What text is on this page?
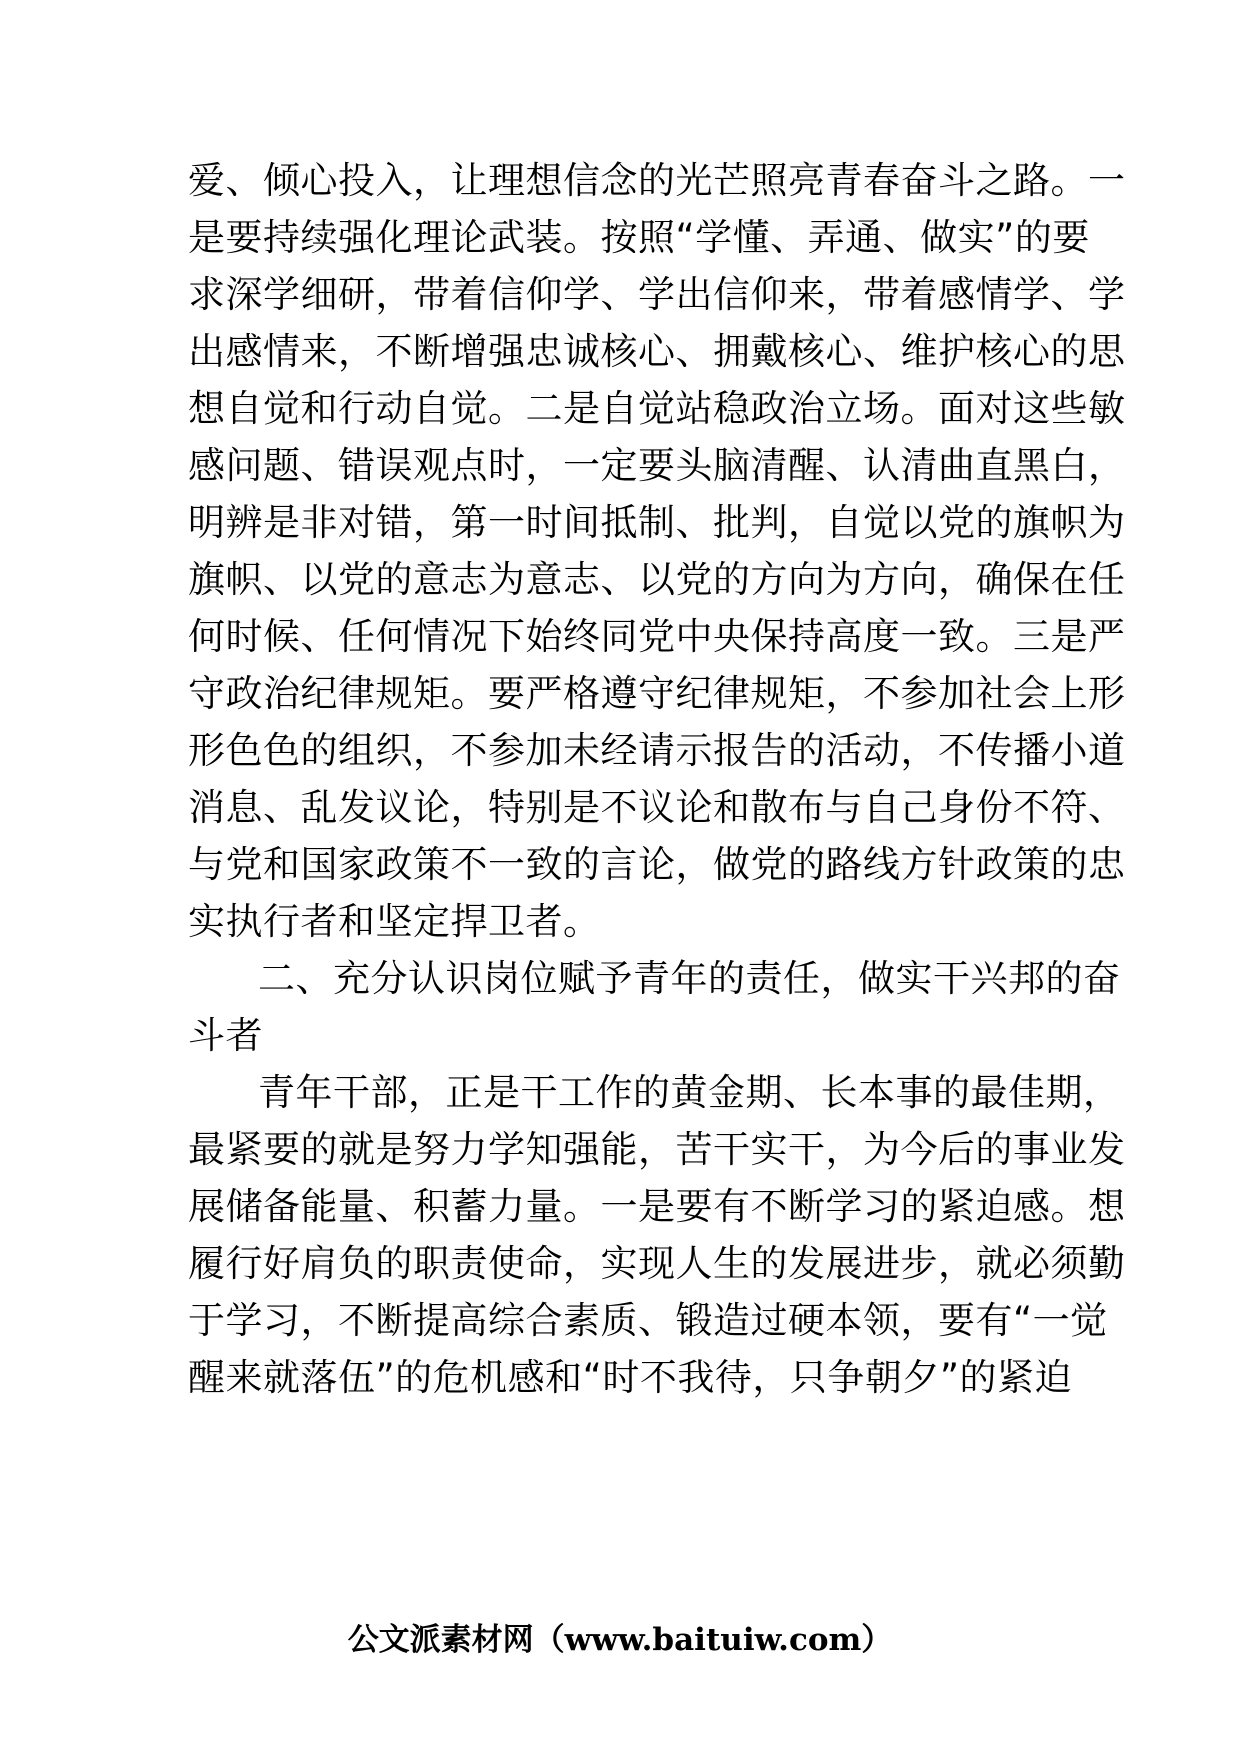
爱、倾心投入，让理想信念的光芒照亮青春奋斗之路。一
是要持续强化理论武装。按照“学懂、弄通、做实”的要
求深学细研，带着信仰学、学出信仰来，带着感情学、学
出感情来，不断增强忠诚核心、拥戴核心、维护核心的思
想自觉和行动自觉。二是自觉站稳政治立场。面对这些敏
感问题、错误观点时，一定要头脑清醒、认清曲直黑白，
明辨是非对错，第一时间抵制、批判，自觉以党的旗帜为
旗帜、以党的意志为意志、以党的方向为方向，确保在任
何时候、任何情况下始终同党中央保持高度一致。三是严
守政治纪律规矩。要严格遵守纪律规矩，不参加社会上形
形色色的组织，不参加未经请示报告的活动，不传播小道
消息、乱发议论，特别是不议论和散布与自己身份不符、
与党和国家政策不一致的言论，做党的路线方针政策的忠
实执行者和坚定捍卫者。
二、充分认识岗位赋予青年的责任，做实干兴邦的奋
斗者
青年干部，正是干工作的黄金期、长本事的最佳期，
最紧要的就是努力学知强能，苦干实干，为今后的事业发
展储备能量、积蓄力量。一是要有不断学习的紧迫感。想
履行好肩负的职责使命，实现人生的发展进步，就必须勤
于学习，不断提高综合素质、锻造过硬本领，要有“一觉
醒来就落伍”的危机感和“时不我待，只争朝夕”的紧迫
公文派素材网（www.baituiw.com）
